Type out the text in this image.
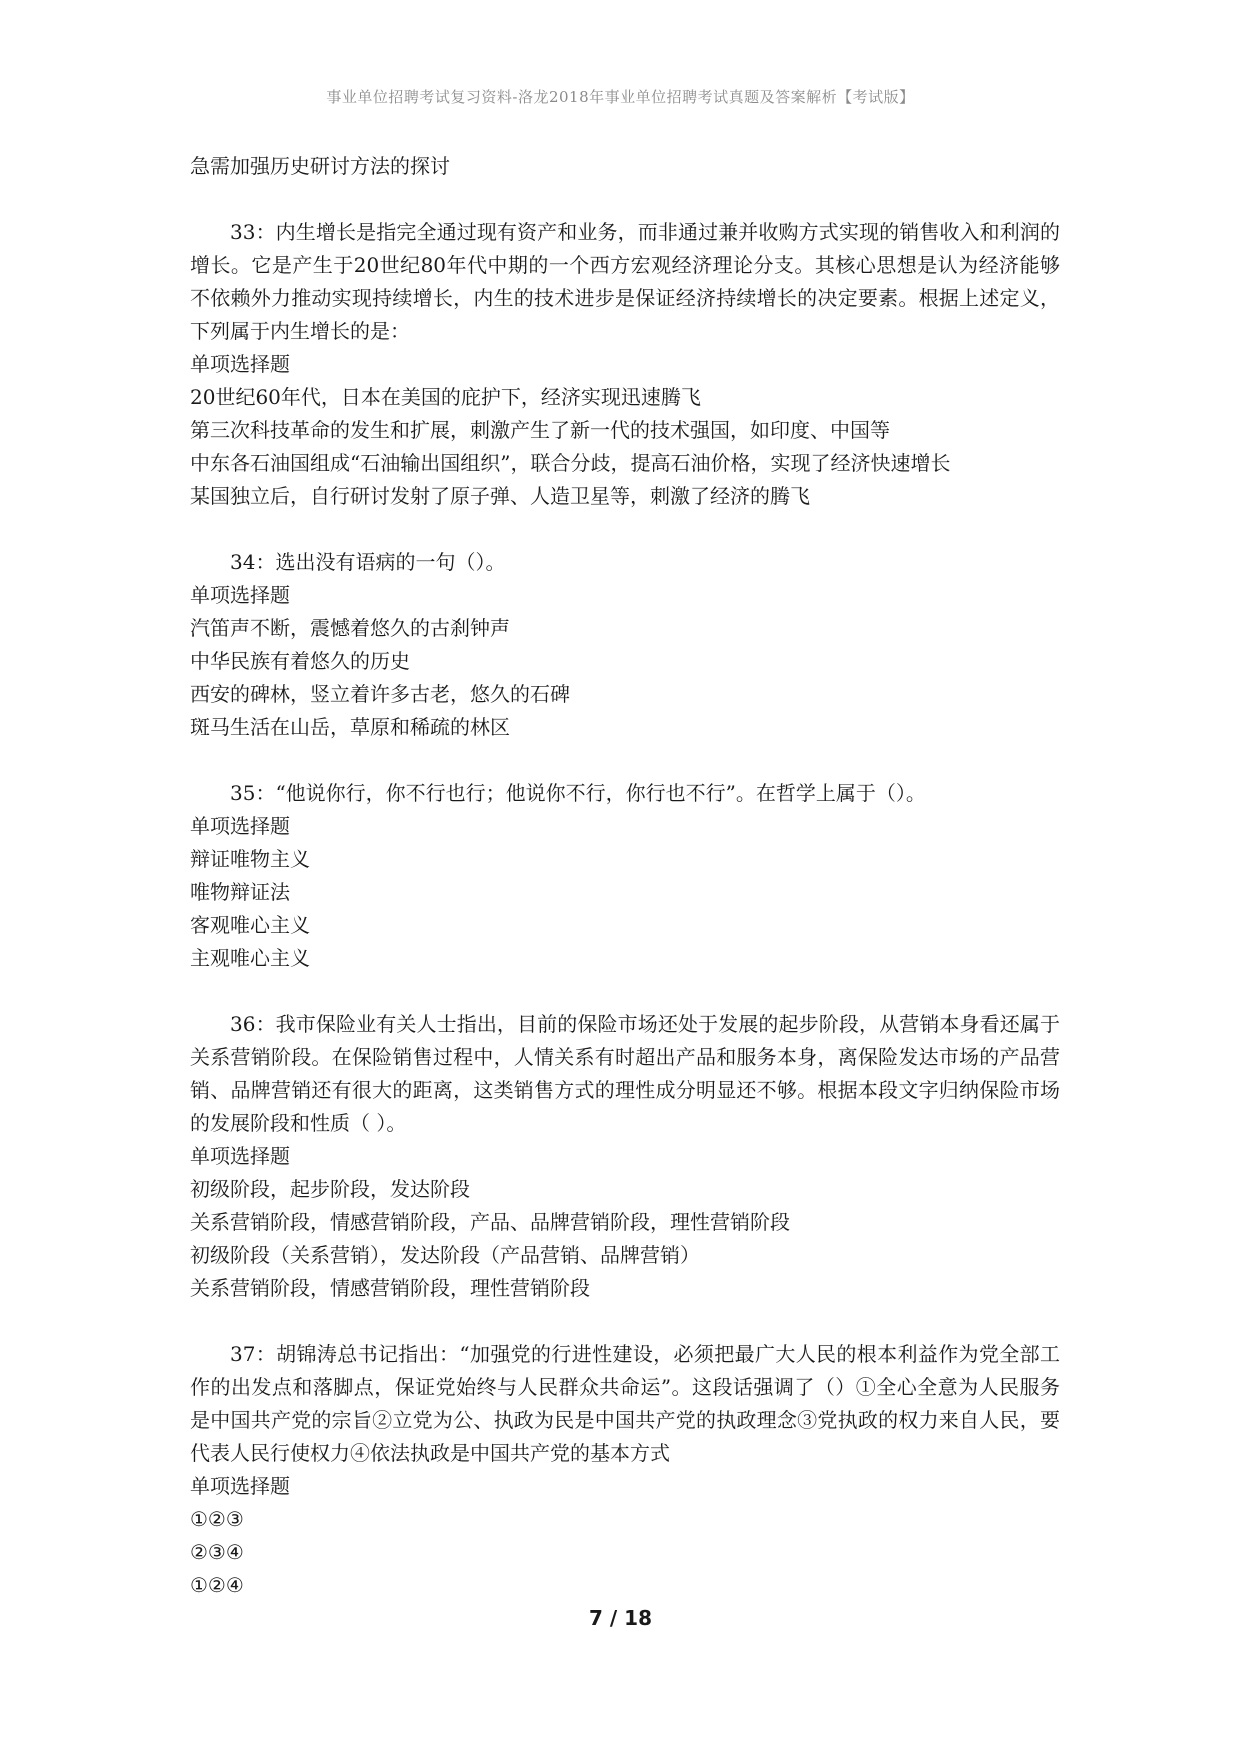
事业单位招聘考试复习资料-洛龙2018年事业单位招聘考试真题及答案解析【考试版】
急需加强历史研讨方法的探讨
33：内生增长是指完全通过现有资产和业务，而非通过兼并收购方式实现的销售收入和利润的增长。它是产生于20世纪80年代中期的一个西方宏观经济理论分支。其核心思想是认为经济能够不依赖外力推动实现持续增长，内生的技术进步是保证经济持续增长的决定要素。根据上述定义，下列属于内生增长的是：
单项选择题
20世纪60年代，日本在美国的庇护下，经济实现迅速腾飞
第三次科技革命的发生和扩展，刺激产生了新一代的技术强国，如印度、中国等
中东各石油国组成“石油输出国组织”，联合分歧，提高石油价格，实现了经济快速增长
某国独立后，自行研讨发射了原子弹、人造卫星等，刺激了经济的腾飞
34：选出没有语病的一句（）。
单项选择题
汽笛声不断，震憾着悠久的古刹钟声
中华民族有着悠久的历史
西安的碑林，竖立着许多古老，悠久的石碑
斑马生活在山岳，草原和稀疏的林区
35：“他说你行，你不行也行；他说你不行，你行也不行”。在哲学上属于（）。
单项选择题
辩证唯物主义
唯物辩证法
客观唯心主义
主观唯心主义
36：我市保险业有关人士指出，目前的保险市场还处于发展的起步阶段，从营销本身看还属于关系营销阶段。在保险销售过程中，人情关系有时超出产品和服务本身，离保险发达市场的产品营销、品牌营销还有很大的距离，这类销售方式的理性成分明显还不够。根据本段文字归纳保险市场的发展阶段和性质（ ）。
单项选择题
初级阶段，起步阶段，发达阶段
关系营销阶段，情感营销阶段，产品、品牌营销阶段，理性营销阶段
初级阶段（关系营销），发达阶段（产品营销、品牌营销）
关系营销阶段，情感营销阶段，理性营销阶段
37：胡锦涛总书记指出：“加强党的行进性建设，必须把最广大人民的根本利益作为党全部工作的出发点和落脚点，保证党始终与人民群众共命运”。这段话强调了（）①全心全意为人民服务是中国共产党的宗旨②立党为公、执政为民是中国共产党的执政理念③党执政的权力来自人民，要代表人民行使权力④依法执政是中国共产党的基本方式
单项选择题
①②③
②③④
①②④
7 / 18
